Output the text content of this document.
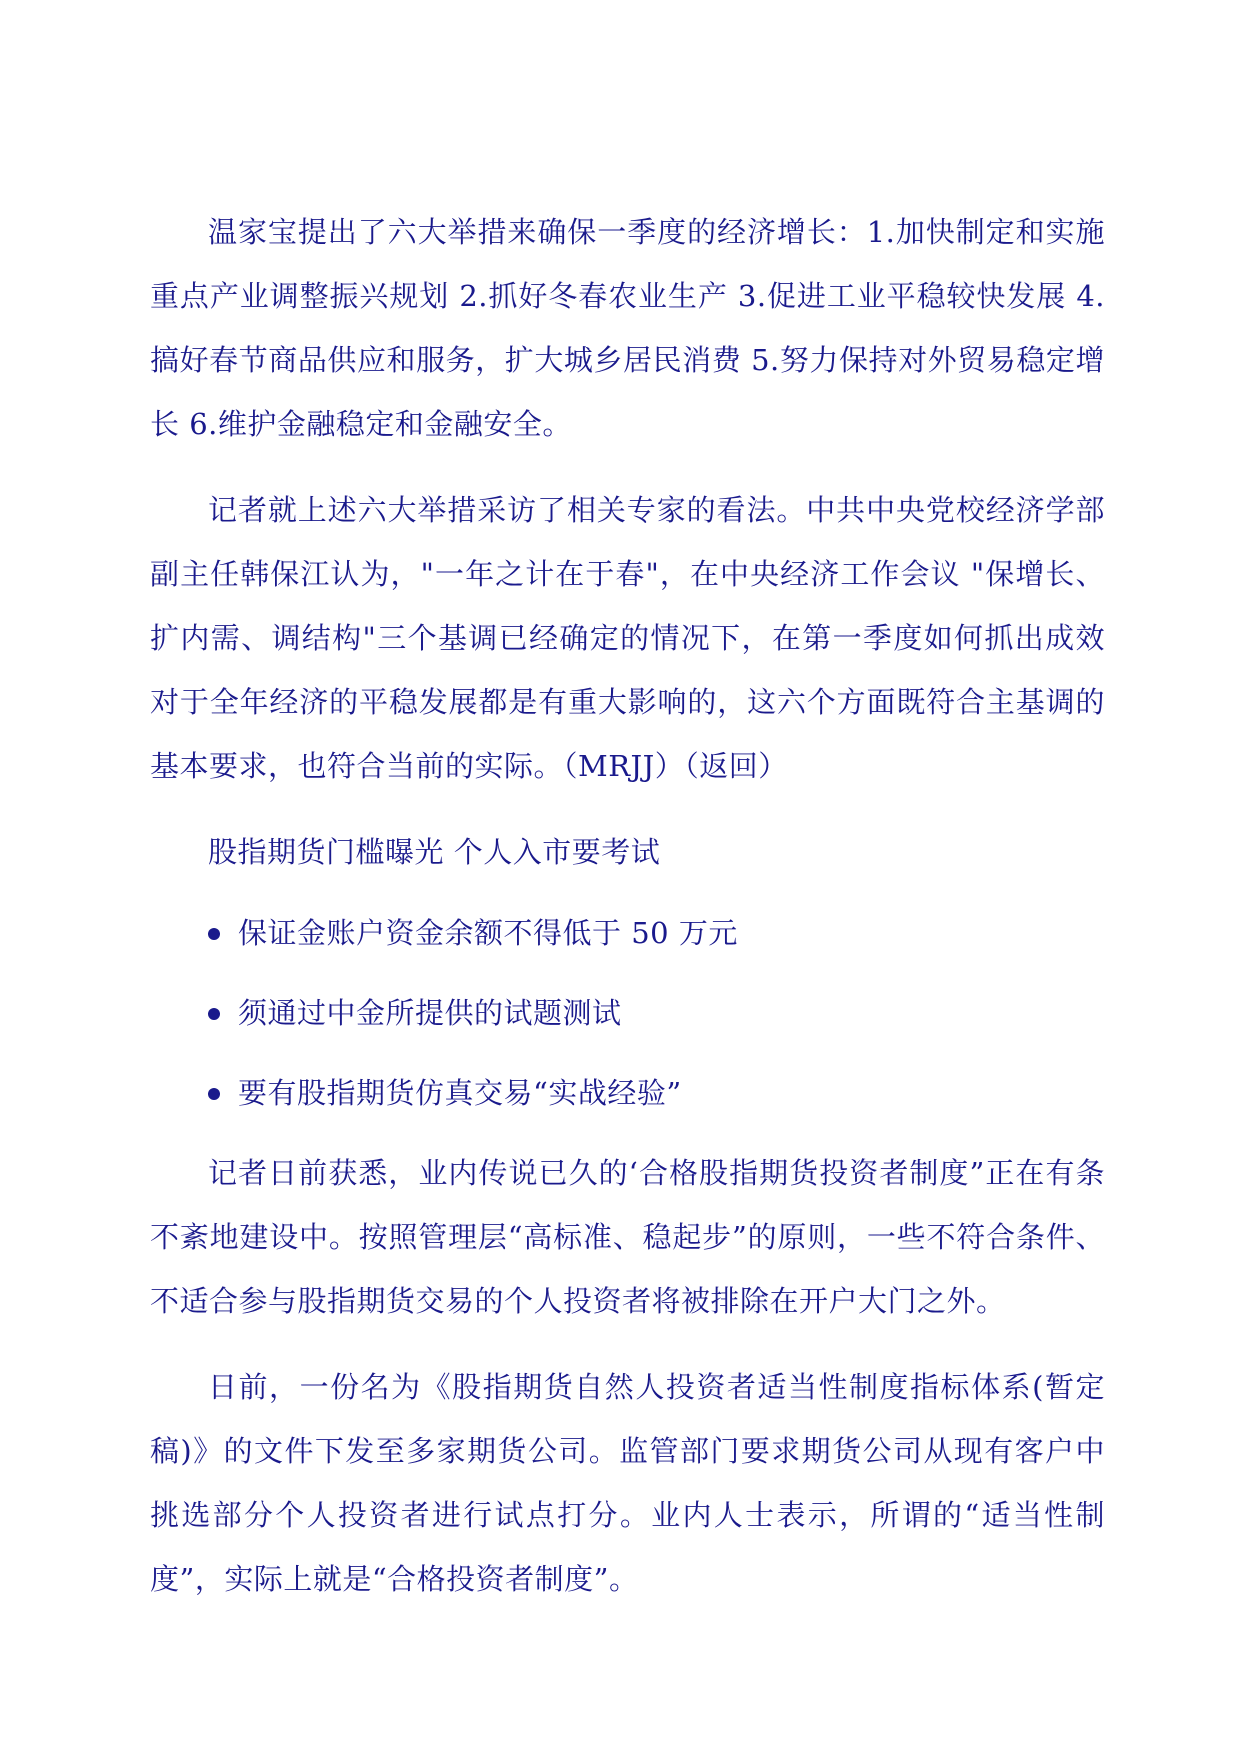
温家宝提出了六大举措来确保一季度的经济增长：1.加快制定和实施重点产业调整振兴规划 2.抓好冬春农业生产 3.促进工业平稳较快发展 4.搞好春节商品供应和服务，扩大城乡居民消费 5.努力保持对外贸易稳定增长 6.维护金融稳定和金融安全。

记者就上述六大举措采访了相关专家的看法。中共中央党校经济学部副主任韩保江认为，"一年之计在于春"，在中央经济工作会议 "保增长、扩内需、调结构"三个基调已经确定的情况下，在第一季度如何抓出成效对于全年经济的平稳发展都是有重大影响的，这六个方面既符合主基调的基本要求，也符合当前的实际。（MRJJ）（返回）

股指期货门槛曝光 个人入市要考试

保证金账户资金余额不得低于 50 万元
须通过中金所提供的试题测试
要有股指期货仿真交易“实战经验”

记者日前获悉，业内传说已久的‘合格股指期货投资者制度”正在有条不紊地建设中。按照管理层“高标准、稳起步”的原则，一些不符合条件、不适合参与股指期货交易的个人投资者将被排除在开户大门之外。

日前，一份名为《股指期货自然人投资者适当性制度指标体系(暂定稿)》的文件下发至多家期货公司。监管部门要求期货公司从现有客户中挑选部分个人投资者进行试点打分。业内人士表示，所谓的“适当性制度”，实际上就是“合格投资者制度”。
